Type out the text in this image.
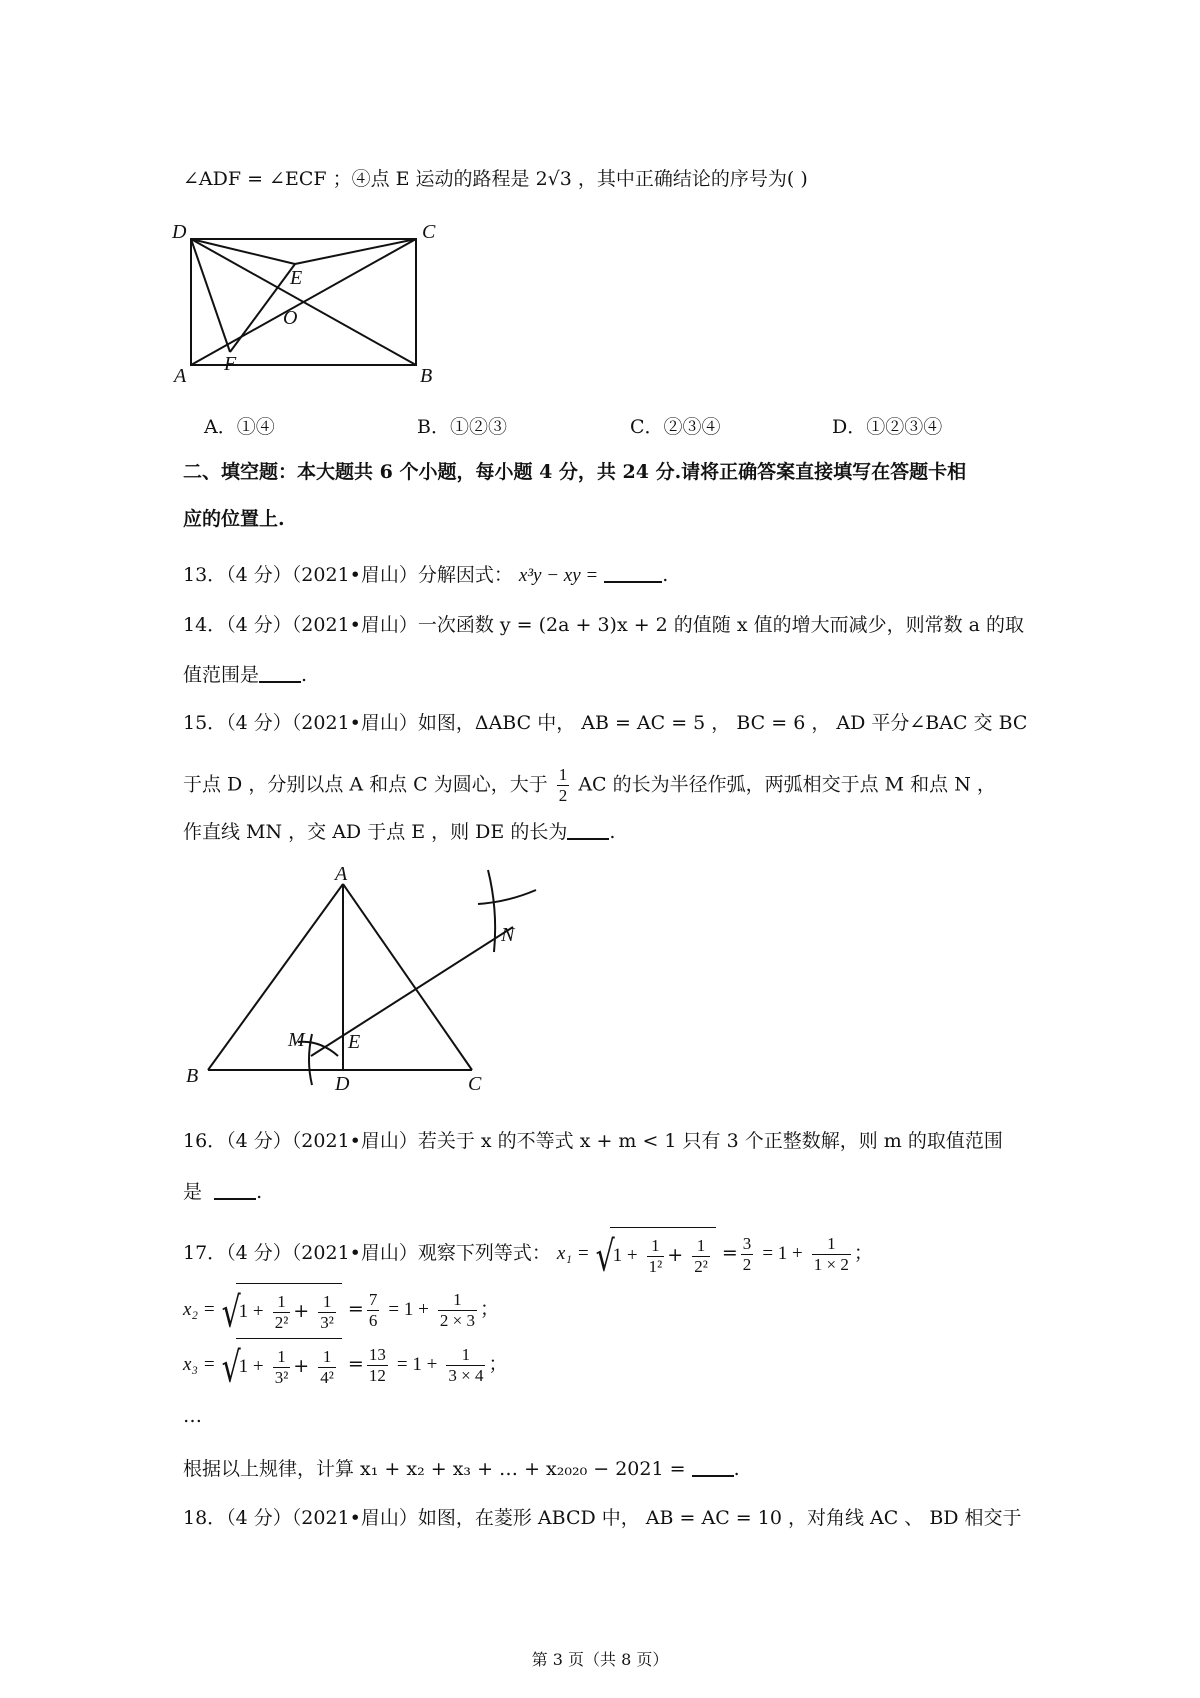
∠ADF = ∠ECF ；④点 E 运动的路程是 2√3 ，其中正确结论的序号为( )
D	C
A	B
E
O
F
A．①④	B．①②③	C．②③④	D．①②③④
二、填空题：本大题共 6 个小题，每小题 4 分，共 24 分.请将正确答案直接填写在答题卡相
应的位置上.
13．（4 分）（2021•眉山）分解因式： x³y − xy =	.
14．（4 分）（2021•眉山）一次函数 y = (2a + 3)x + 2 的值随 x 值的增大而减少，则常数 a 的取
值范围是 .
15．（4 分）（2021•眉山）如图，ΔABC 中， AB = AC = 5 ， BC = 6 ， AD 平分∠BAC 交 BC
于点 D ，分别以点 A 和点 C 为圆心，大于 $\frac{1}{2}$ AC 的长为半径作弧，两弧相交于点 M 和点 N ，
作直线 MN ，交 AD 于点 E ，则 DE 的长为 .
A
B	C
D
E
M
N
16．（4 分）（2021•眉山）若关于 x 的不等式 x + m < 1 只有 3 个正整数解，则 m 的取值范围
是	.
17．（4 分）（2021•眉山）观察下列等式： x₁ = √
$1 + \frac{1}{\text{1²}} + \frac{1}{\text{2²}} = \frac{3}{2} = 1 + \frac{1}{1 \times 2}$ ；
x₂ = √
$1 + \frac{1}{\text{2²}} + \frac{1}{\text{3²}} = \frac{7}{6} = 1 + \frac{1}{2 \times 3}$ ；
x₃ = √
$1 + \frac{1}{\text{3²}} + \frac{1}{\text{4²}} = \frac{13}{12} = 1 + \frac{1}{3 \times 4}$ ；
…
根据以上规律，计算 x₁ + x₂ + x₃ + … + x₂₀₂₀ − 2021 =	.
18．（4 分）（2021•眉山）如图，在菱形 ABCD 中， AB = AC = 10 ，对角线 AC 、 BD 相交于
第 3 页（共 8 页）
